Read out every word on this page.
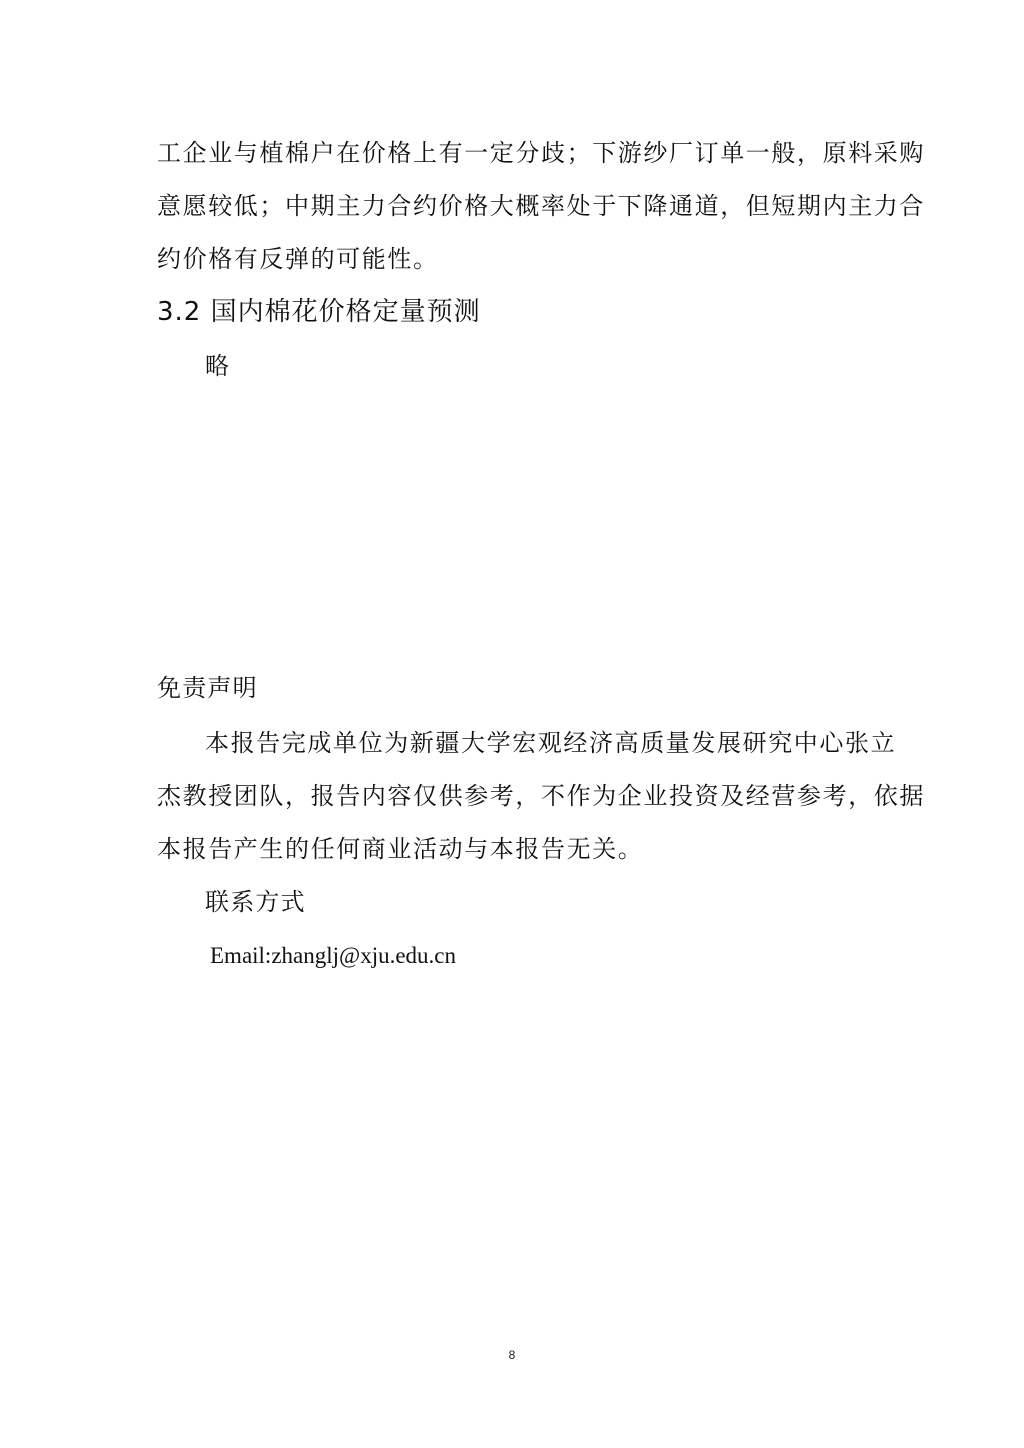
工企业与植棉户在价格上有一定分歧；下游纱厂订单一般，原料采购
意愿较低；中期主力合约价格大概率处于下降通道，但短期内主力合
约价格有反弹的可能性。
3.2 国内棉花价格定量预测
略
免责声明
本报告完成单位为新疆大学宏观经济高质量发展研究中心张立
杰教授团队，报告内容仅供参考，不作为企业投资及经营参考，依据
本报告产生的任何商业活动与本报告无关。
联系方式
Email:zhanglj@xju.edu.cn
8
